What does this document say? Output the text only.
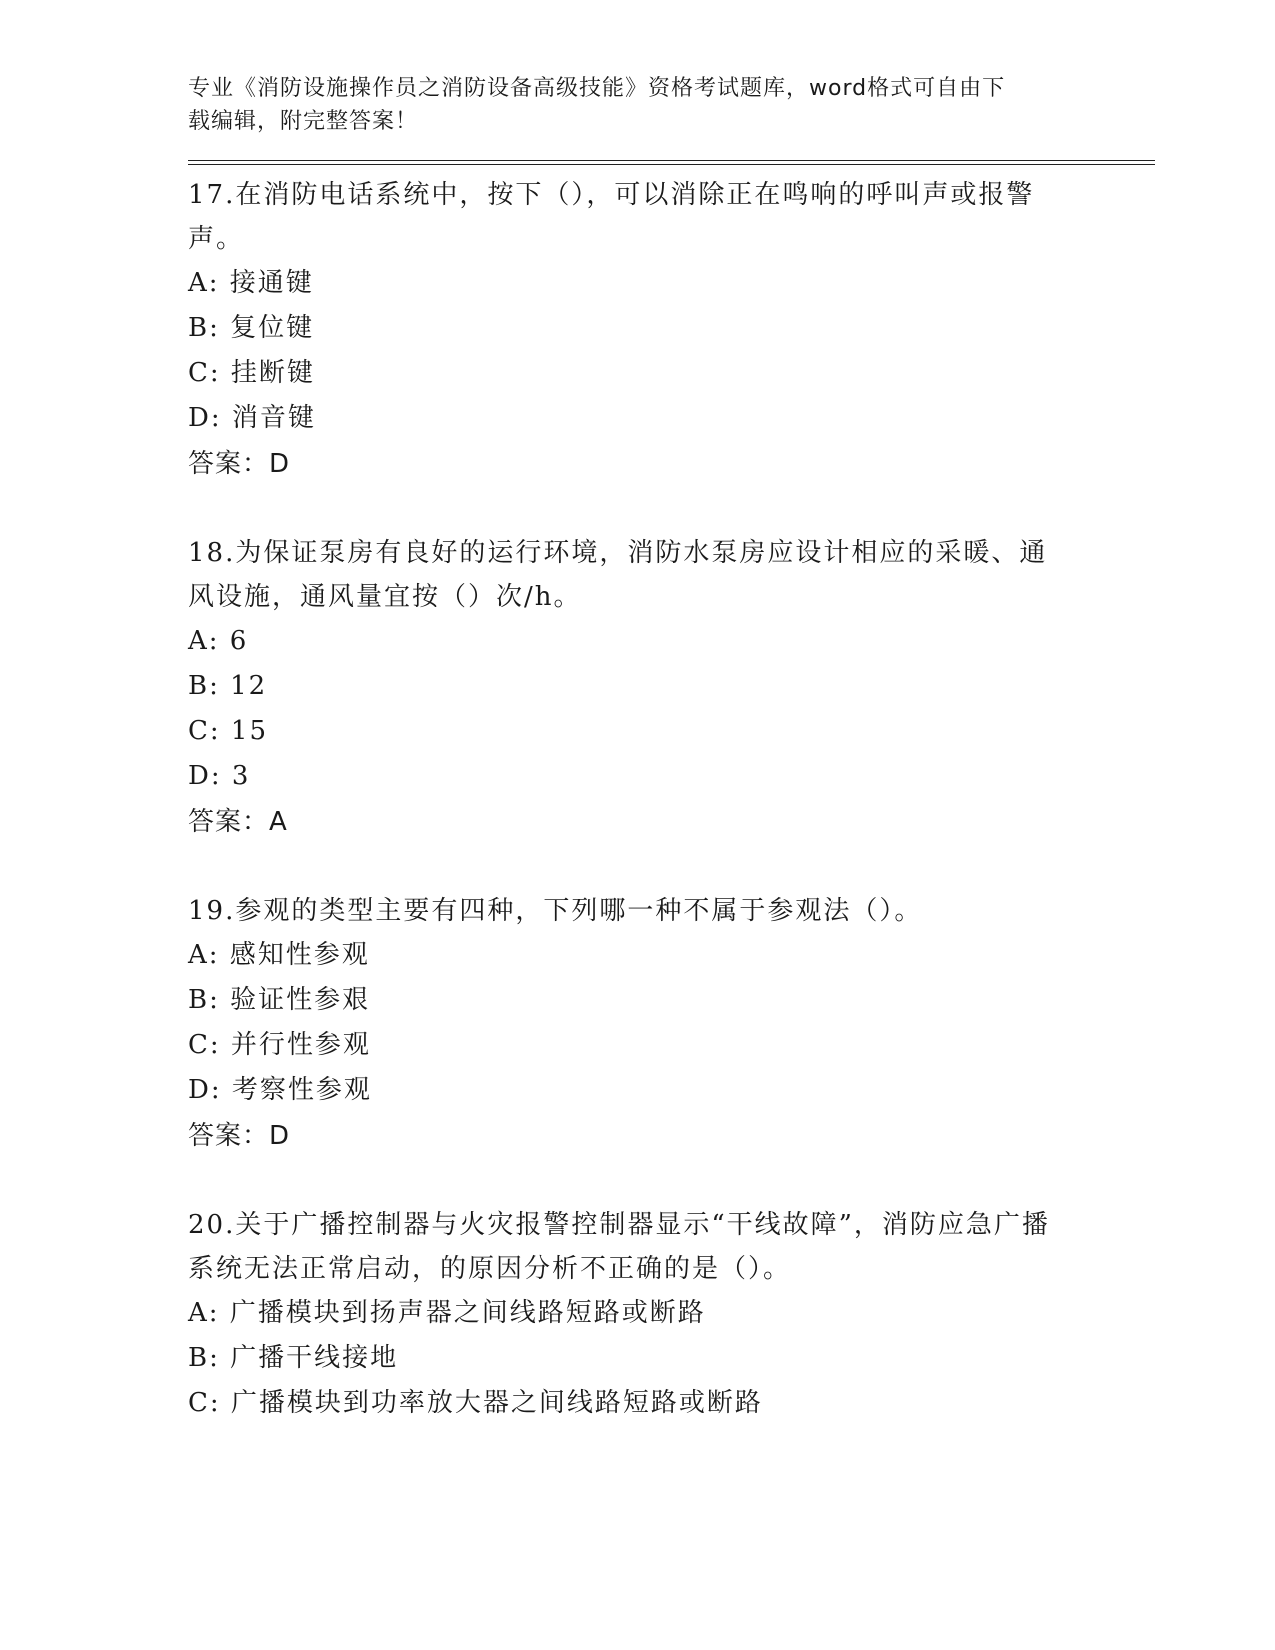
专业《消防设施操作员之消防设备高级技能》资格考试题库，word格式可自由下
载编辑，附完整答案！

17.在消防电话系统中，按下（），可以消除正在鸣响的呼叫声或报警声。

A: 接通键

B: 复位键

C: 挂断键

D: 消音键

答案：D

18.为保证泵房有良好的运行环境，消防水泵房应设计相应的采暖、通风设施，通风量宜按（）次/h。

A: 6

B: 12

C: 15

D: 3

答案：A

19.参观的类型主要有四种，下列哪一种不属于参观法（）。

A: 感知性参观

B: 验证性参艰

C: 并行性参观

D: 考察性参观

答案：D

20.关于广播控制器与火灾报警控制器显示“干线故障”，消防应急广播系统无法正常启动，的原因分析不正确的是（）。

A: 广播模块到扬声器之间线路短路或断路

B: 广播干线接地

C: 广播模块到功率放大器之间线路短路或断路
